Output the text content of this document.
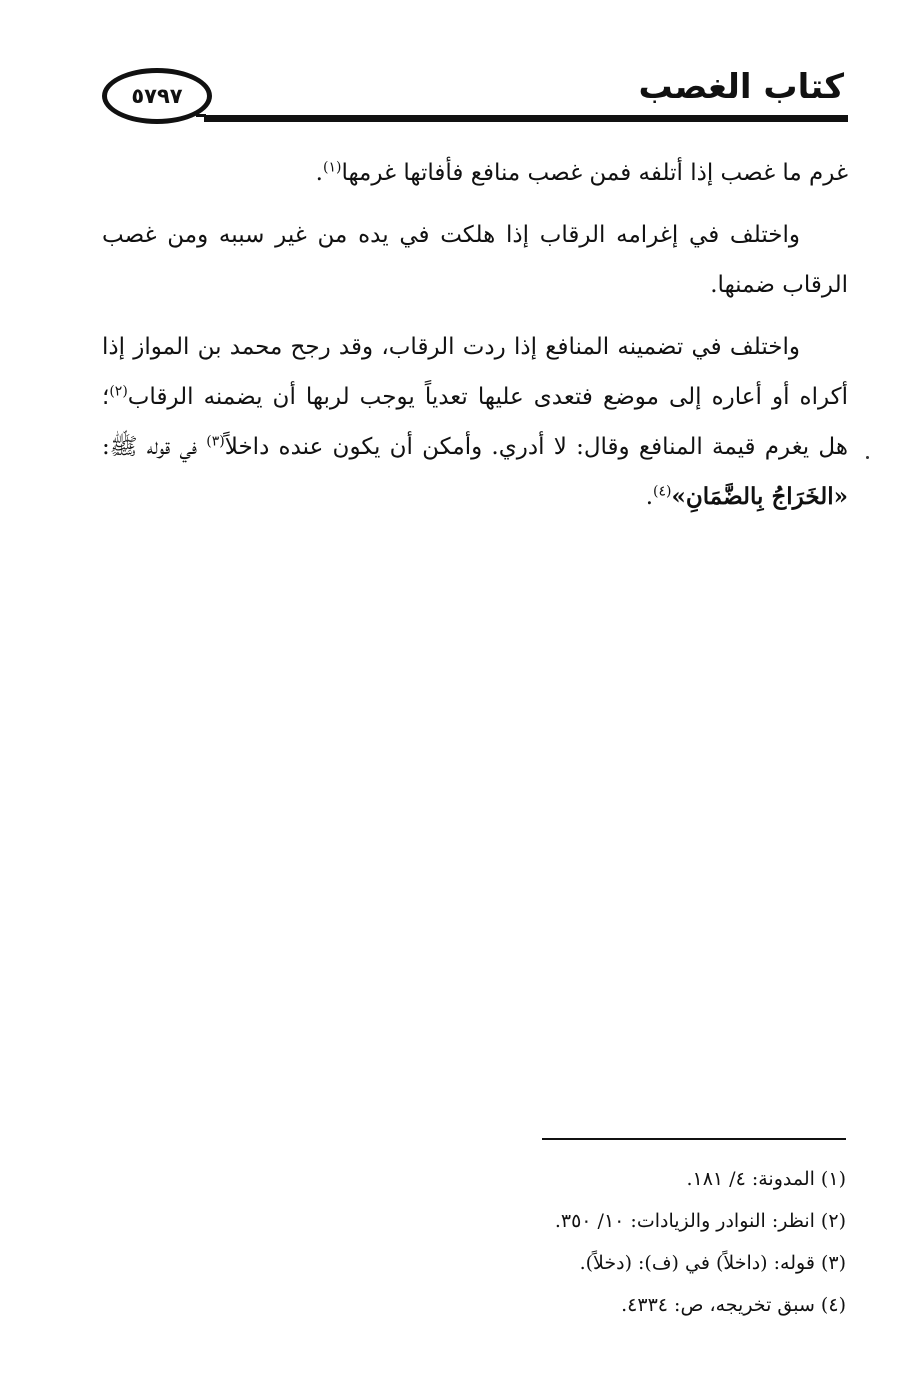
٥٧٩٧	كتاب الغصب

غرم ما غصب إذا أتلفه فمن غصب منافع فأفاتها غرمها$^{(١)}$.

واختلف في إغرامه الرقاب إذا هلكت في يده من غير سببه ومن غصب الرقاب ضمنها.

واختلف في تضمينه المنافع إذا ردت الرقاب، وقد رجح محمد بن المواز إذا أكراه أو أعاره إلى موضع فتعدى عليها تعدياً يوجب لربها أن يضمنه الرقاب$^{(٢)}$؛ هل يغرم قيمة المنافع وقال: لا أدري. وأمكن أن يكون عنده داخلاً$^{(٣)}$ في قوله ﷺ: «الخَرَاجُ بِالضَّمَانِ»$^{(٤)}$.

(١) المدونة: ٤/ ١٨١.
(٢) انظر: النوادر والزيادات: ١٠/ ٣٥٠.
(٣) قوله: (داخلاً) في (ف): (دخلاً).
(٤) سبق تخريجه، ص: ٤٣٣٤.
